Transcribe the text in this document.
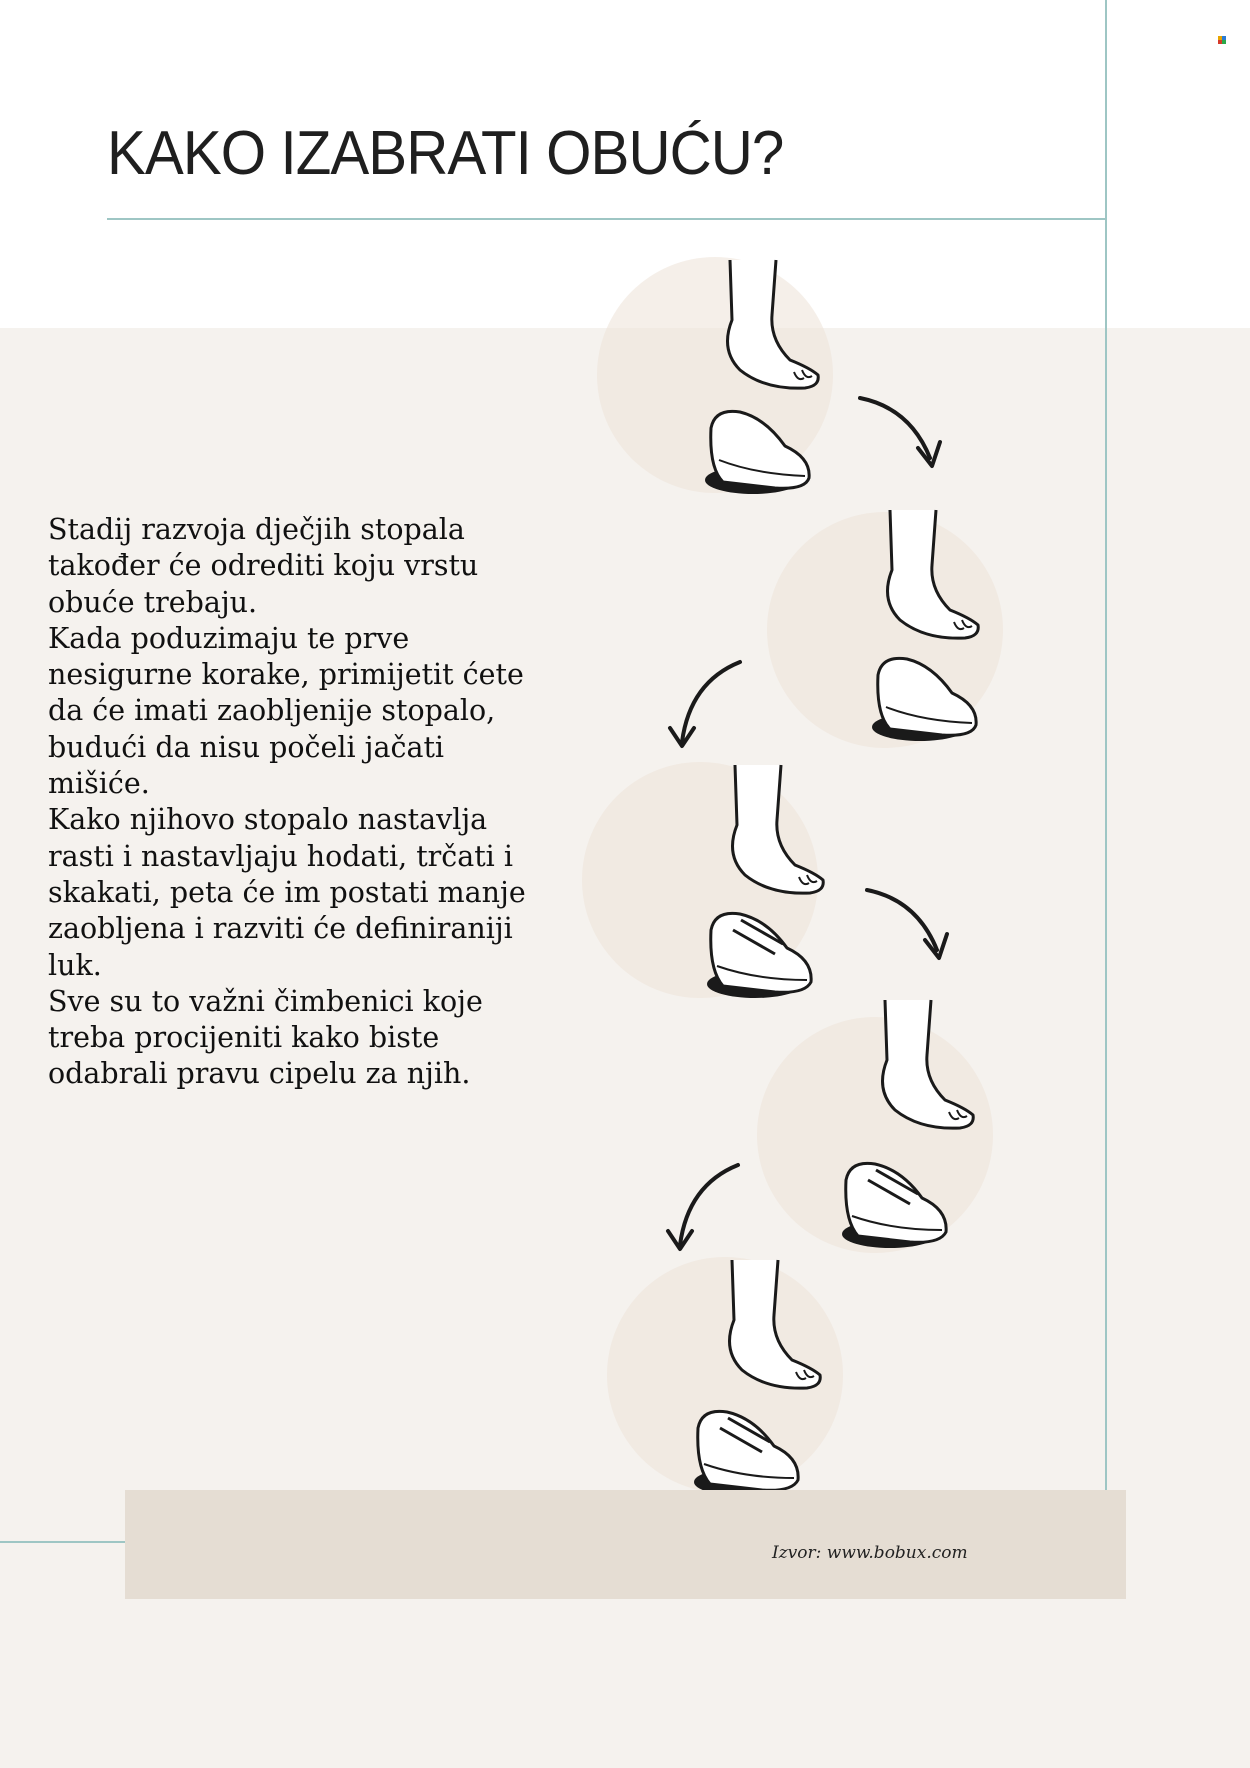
KAKO IZABRATI OBUĆU?

Stadij razvoja dječjih stopala također će odrediti koju vrstu obuće trebaju.

Kada poduzimaju te prve nesigurne korake, primijetit ćete da će imati zaobljenije stopalo, budući da nisu počeli jačati mišiće.

Kako njihovo stopalo nastavlja rasti i nastavljaju hodati, trčati i skakati, peta će im postati manje zaobljena i razviti će definiraniji luk.

Sve su to važni čimbenici koje treba procijeniti kako biste odabrali pravu cipelu za njih.

Izvor: www.bobux.com
